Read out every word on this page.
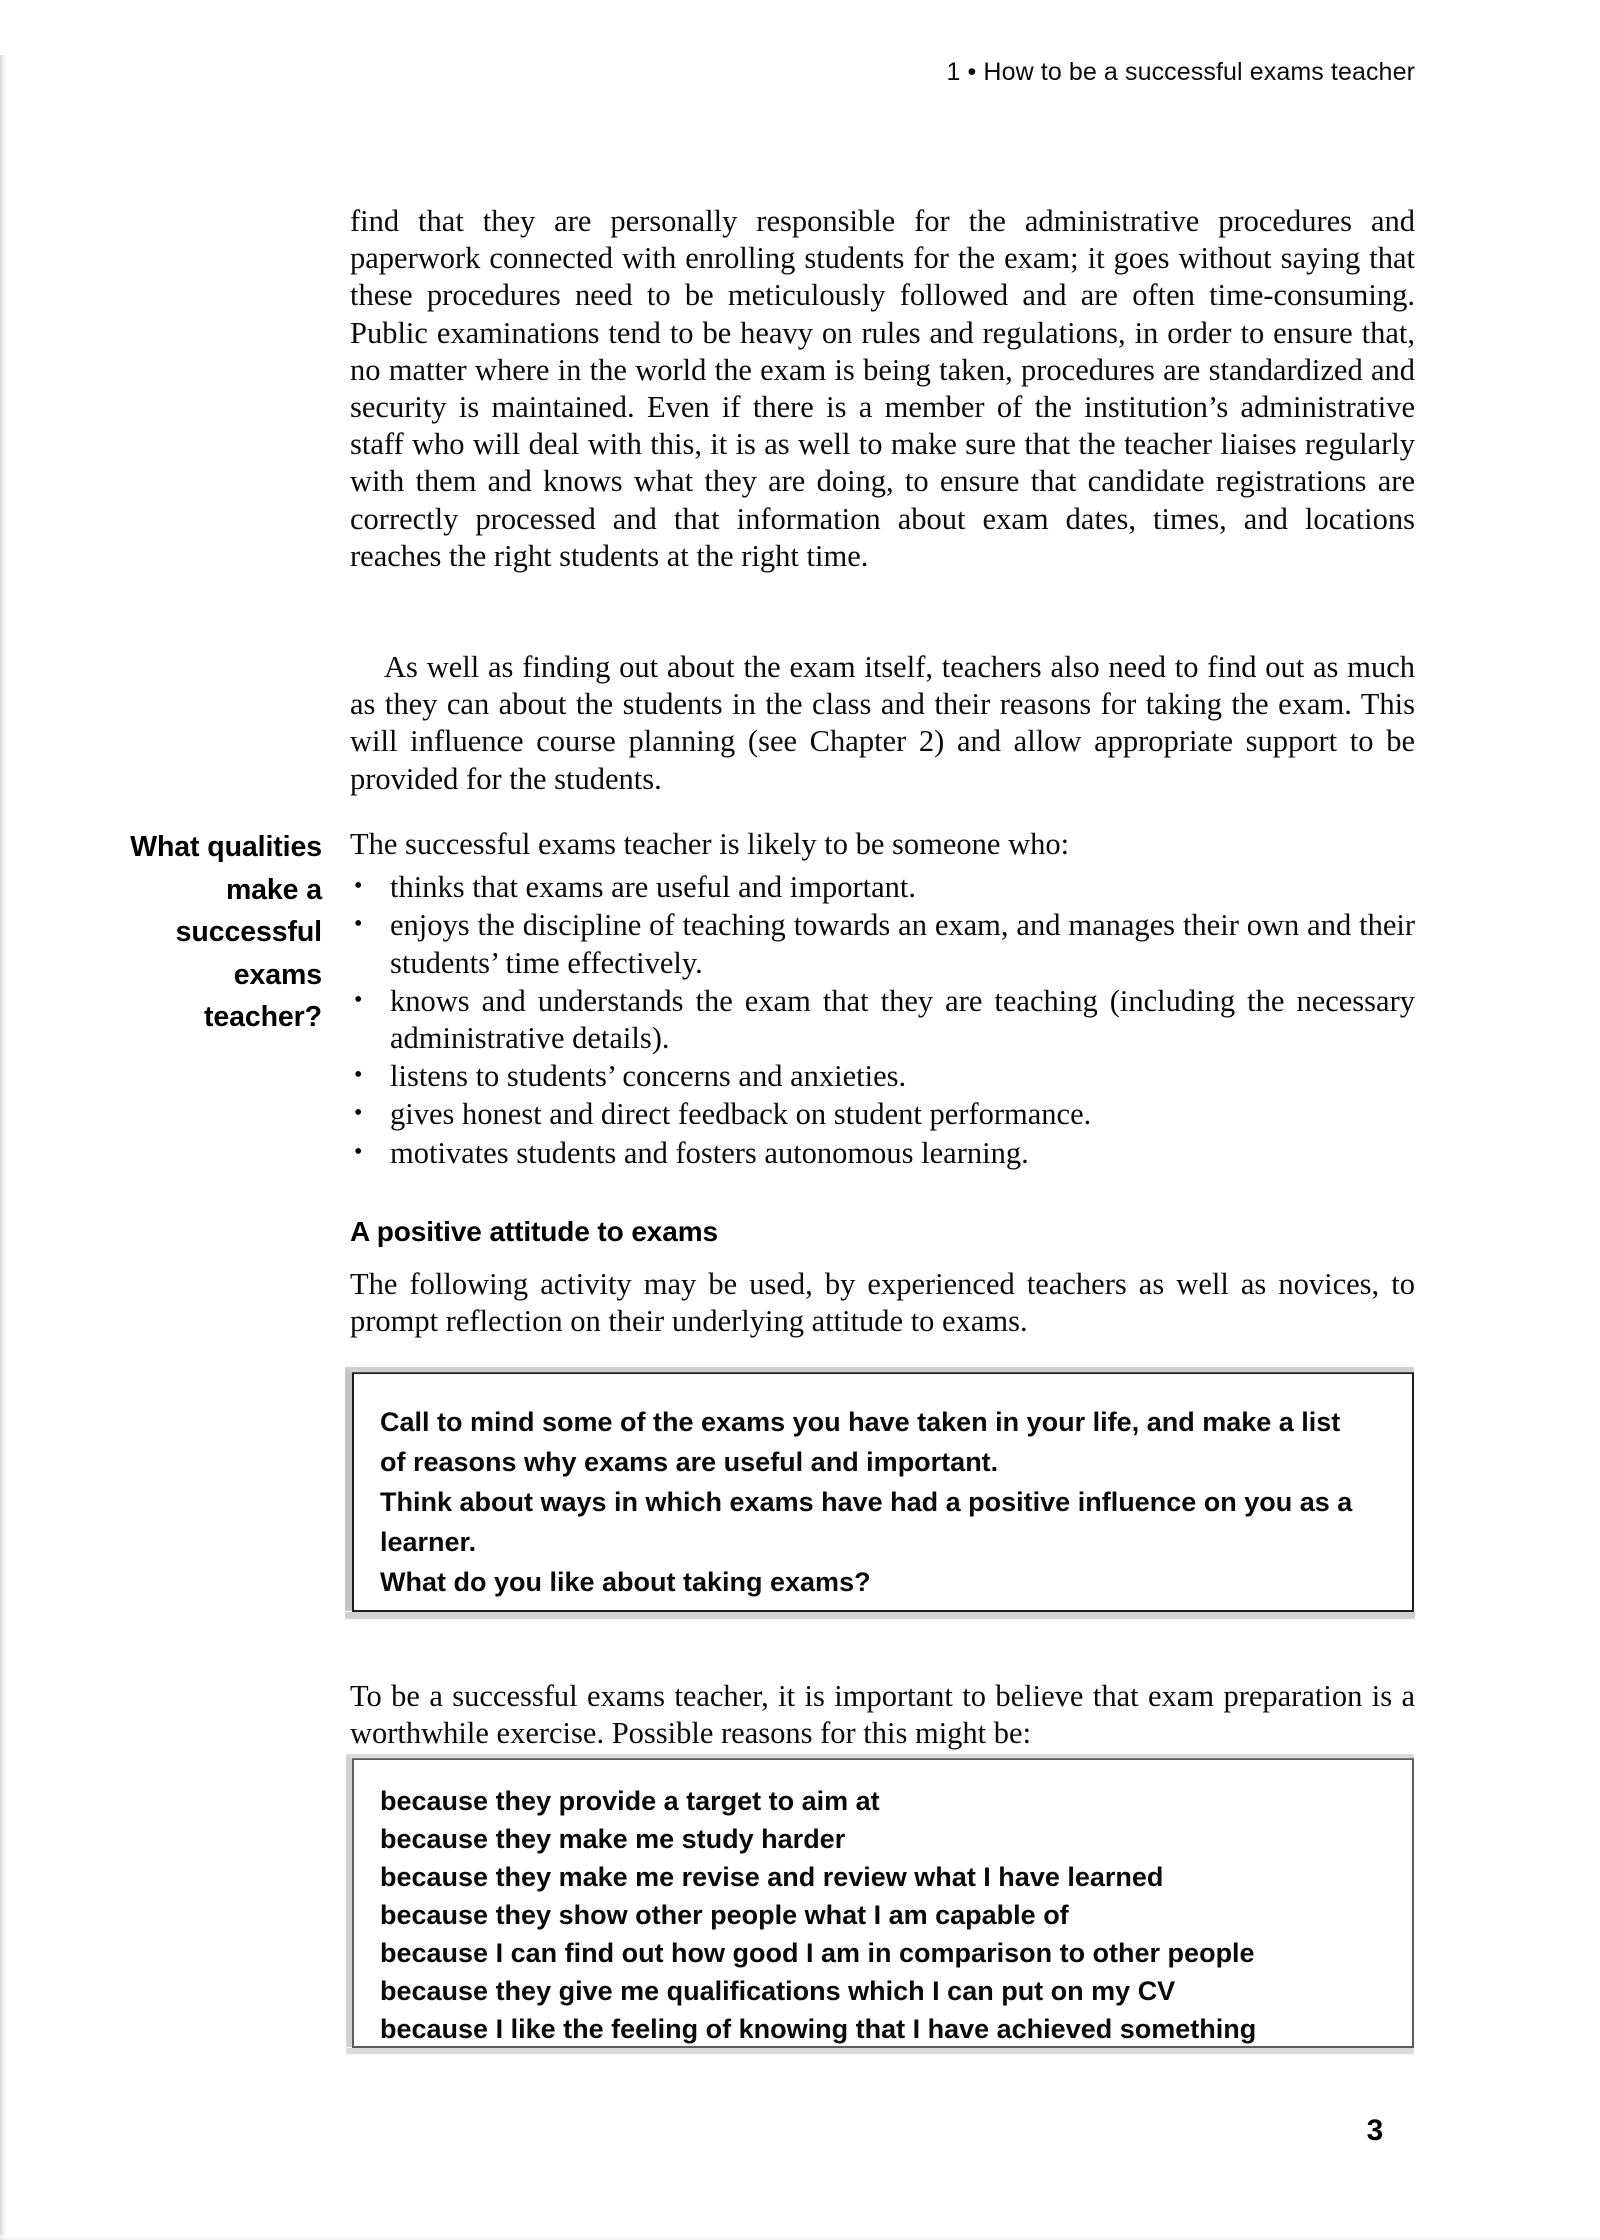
1 • How to be a successful exams teacher

find that they are personally responsible for the administrative procedures and paperwork connected with enrolling students for the exam; it goes without saying that these procedures need to be meticulously followed and are often time-consuming. Public examinations tend to be heavy on rules and regulations, in order to ensure that, no matter where in the world the exam is being taken, procedures are standardized and security is maintained. Even if there is a member of the institution’s administrative staff who will deal with this, it is as well to make sure that the teacher liaises regularly with them and knows what they are doing, to ensure that candidate registrations are correctly processed and that information about exam dates, times, and locations reaches the right students at the right time.

As well as finding out about the exam itself, teachers also need to find out as much as they can about the students in the class and their reasons for taking the exam. This will influence course planning (see Chapter 2) and allow appropriate support to be provided for the students.

What qualities
make a
successful
exams
teacher?

The successful exams teacher is likely to be someone who:

• thinks that exams are useful and important.
• enjoys the discipline of teaching towards an exam, and manages their own and their students’ time effectively.
• knows and understands the exam that they are teaching (including the necessary administrative details).
• listens to students’ concerns and anxieties.
• gives honest and direct feedback on student performance.
• motivates students and fosters autonomous learning.
A positive attitude to exams

The following activity may be used, by experienced teachers as well as novices, to prompt reflection on their underlying attitude to exams.

Call to mind some of the exams you have taken in your life, and make a list
of reasons why exams are useful and important.
Think about ways in which exams have had a positive influence on you as a
learner.
What do you like about taking exams?

To be a successful exams teacher, it is important to believe that exam preparation is a worthwhile exercise. Possible reasons for this might be:

because they provide a target to aim at
because they make me study harder
because they make me revise and review what I have learned
because they show other people what I am capable of
because I can find out how good I am in comparison to other people
because they give me qualifications which I can put on my CV
because I like the feeling of knowing that I have achieved something
3
